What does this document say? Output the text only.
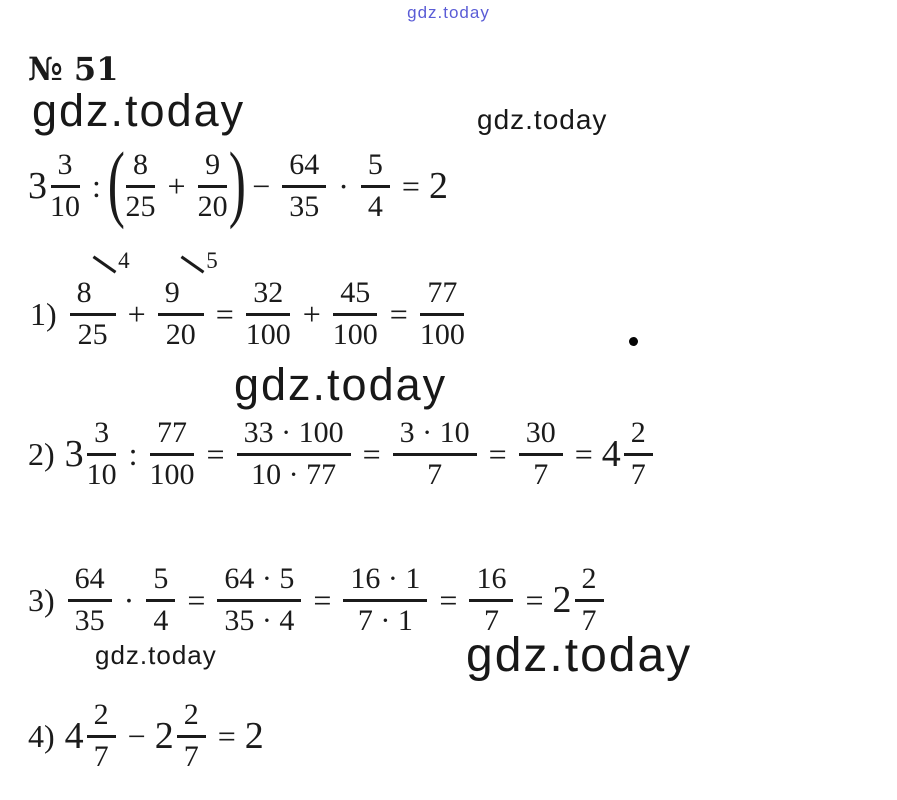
gdz.today
№ 51
gdz.today	gdz.today
$3 \frac{3}{10}$ : ( $\frac{8}{25} + \frac{9}{20}$ ) − $\frac{64}{35} \cdot \frac{5}{4} = 2$
1) 8
4
25 + 9
5
$20 = \frac{32}{100} + \frac{45}{100} = \frac{77}{100}$
gdz.today
2) $3 \frac{3}{10}$ : $\frac{77}{100} = \frac{33 \cdot 100}{10 \cdot 77} = \frac{3 \cdot 10}{7} = \frac{30}{7} = 4 \frac{2}{7}$
$3) \frac{64}{35} \cdot \frac{5}{4} = \frac{64 \cdot 5}{35 \cdot 4} = \frac{16 \cdot 1}{7 \cdot 1} = \frac{16}{7} = 2 \frac{2}{7}$
gdz.today	gdz.today
4) $4 \frac{2}{7} - 2 \frac{2}{7} = 2$
